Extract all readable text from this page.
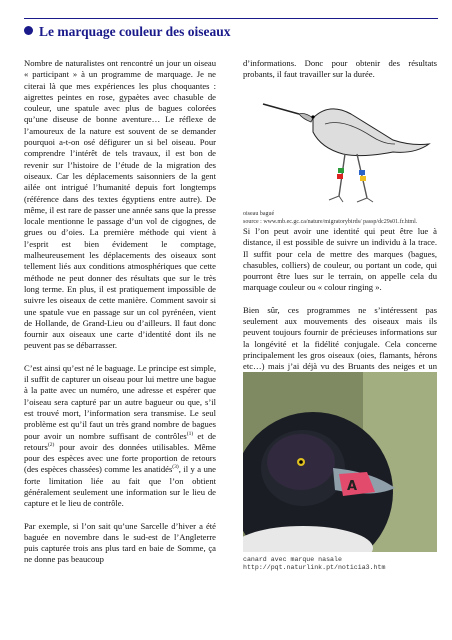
Le marquage couleur des oiseaux

Nombre de naturalistes ont rencontré un jour un oiseau « participant » à un programme de marquage. Je ne citerai là que mes expériences les plus choquantes : aigrettes peintes en rose, gypaètes avec chasuble de couleur, une spatule avec plus de bagues colorées qu’une diseuse de bonne aventure… Le réflexe de l’amoureux de la nature est souvent de se demander pourquoi a-t-on osé défigurer un si bel oiseau. Pour comprendre l’intérêt de tels travaux, il est bon de revenir sur l’histoire de l’étude de la migration des oiseaux. Car les déplacements saisonniers de la gent ailée ont intrigué l’humanité depuis fort longtemps (référence dans des textes égyptiens entre autre). De même, il est rare de passer une année sans que la presse locale mentionne le passage d’un vol de cigognes, de grues ou d’oies. La première méthode qui vient à l’esprit est bien évidement le comptage, malheureusement les déplacements des oiseaux sont tellement liés aux conditions atmosphériques que cette méthode ne peut donner des résultats que sur le très long terme. En plus, il est pratiquement impossible de suivre les oiseaux de cette manière. Comment savoir si une spatule vue en passage sur un col pyrénéen, vient de Hollande, de Grand-Lieu ou d’ailleurs. Il faut donc fournir aux oiseaux une carte d’identité dont ils ne peuvent pas se débarrasser.

C’est ainsi qu’est né le baguage. Le principe est simple, il suffit de capturer un oiseau pour lui mettre une bague à la patte avec un numéro, une adresse et espérer que l’oiseau sera capturé par un autre bagueur ou que, s’il est trouvé mort, l’information sera transmise. Le seul problème est qu’il faut un très grand nombre de bagues pour avoir un nombre suffisant de contrôles$^{(1)}$ et de retours$^{(2)}$ pour avoir des données utilisables. Même pour des espèces avec une forte proportion de retours (des espèces chassées) comme les anatidés$^{(3)}$, il y a une forte limitation liée au fait que l’on obtient généralement seulement une information sur le lieu de capture et le lieu de contrôle.

Par exemple, si l’on sait qu’une Sarcelle d’hiver a été baguée en novembre dans le sud-est de l’Angleterre puis capturée trois ans plus tard en baie de Somme, ça ne donne pas beaucoup

d’informations. Donc pour obtenir des résultats probants, il faut travailler sur la durée.

oiseau bagué
source : www.mb.ec.gc.ca/nature/migratorybirds/ passp/dc29s01.fr.html.

Si l’on peut avoir une identité qui peut être lue à distance, il est possible de suivre un individu à la trace. Il suffit pour cela de mettre des marques (bagues, chasubles, colliers) de couleur, ou portant un code, qui pourront être lues sur le terrain, on appelle cela du marquage couleur ou « colour ringing ».

Bien sûr, ces programmes ne s’intéressent pas seulement aux mouvements des oiseaux mais ils peuvent toujours fournir de précieuses informations sur la longévité et la fidélité conjugale. Cela concerne principalement les gros oiseaux (oies, flamants, hérons etc…) mais j’ai déjà vu des Bruants des neiges et un

A
canard avec marque nasale
http://pqt.naturlink.pt/noticia3.htm
